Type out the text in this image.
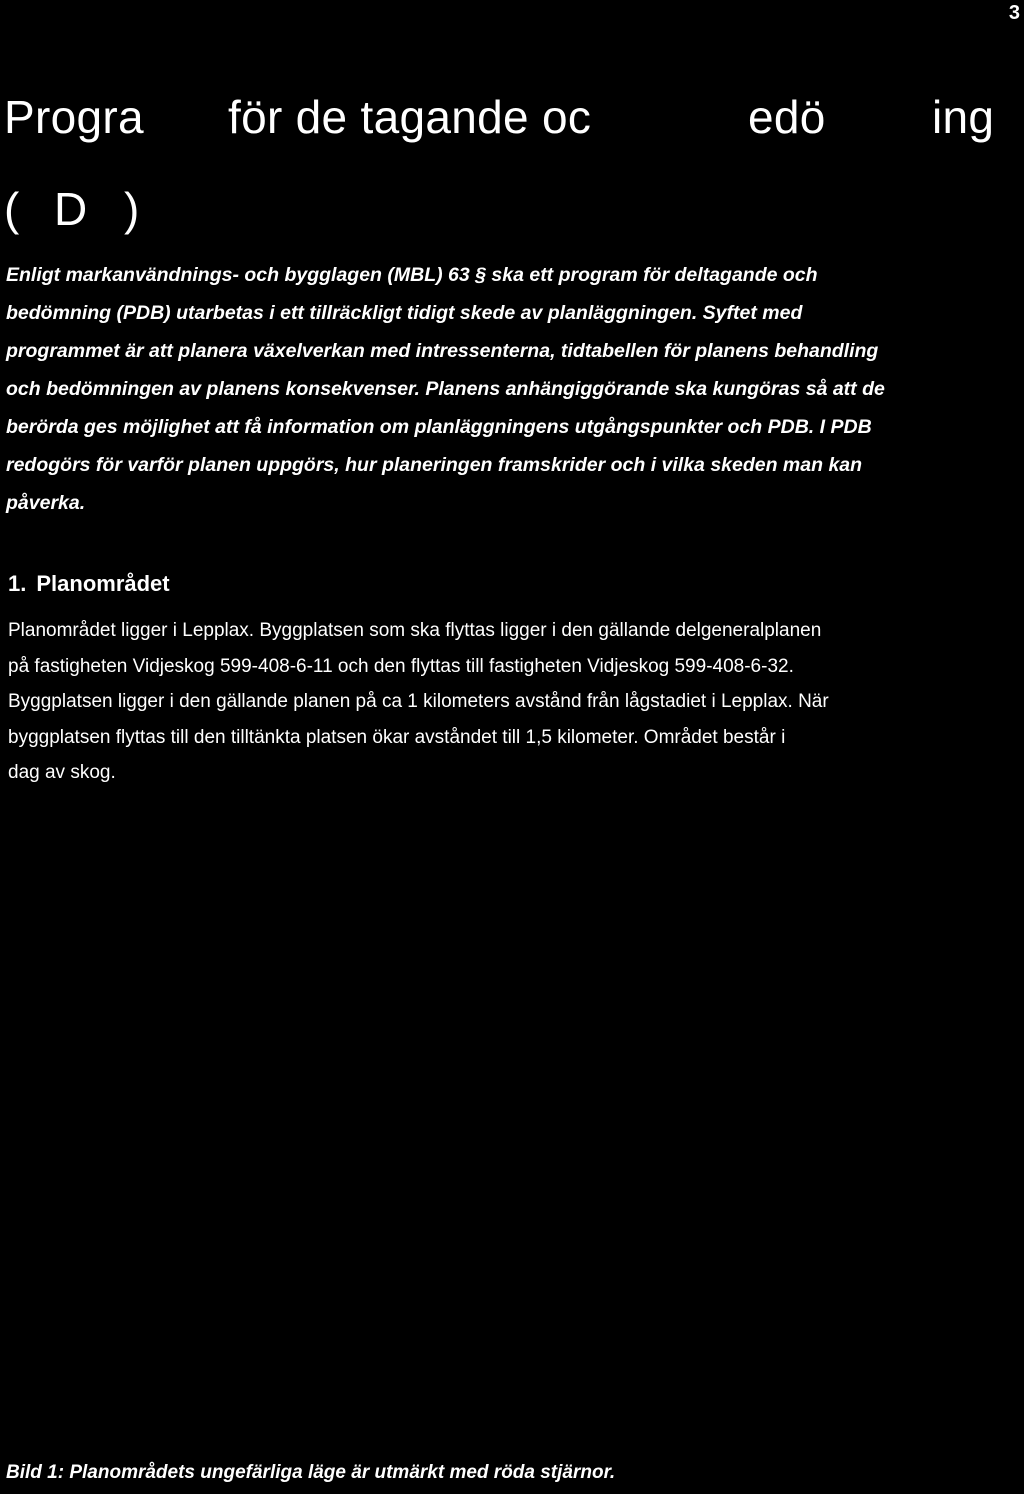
3
Progra för de tagande oc	edö ing
( D )
Enligt markanvändnings- och bygglagen (MBL) 63 § ska ett program för deltagande och
bedömning (PDB) utarbetas i ett tillräckligt tidigt skede av planläggningen. Syftet med
programmet är att planera växelverkan med intressenterna, tidtabellen för planens behandling
och bedömningen av planens konsekvenser. Planens anhängiggörande ska kungöras så att de
berörda ges möjlighet att få information om planläggningens utgångspunkter och PDB. I PDB
redogörs för varför planen uppgörs, hur planeringen framskrider och i vilka skeden man kan
påverka.
1. Planområdet
Planområdet ligger i Lepplax. Byggplatsen som ska flyttas ligger i den gällande delgeneralplanen
på fastigheten Vidjeskog 599-408-6-11 och den flyttas till fastigheten Vidjeskog 599-408-6-32.
Byggplatsen ligger i den gällande planen på ca 1 kilometers avstånd från lågstadiet i Lepplax. När
byggplatsen flyttas till den tilltänkta platsen ökar avståndet till 1,5 kilometer. Området består i
dag av skog.
Bild 1: Planområdets ungefärliga läge är utmärkt med röda stjärnor.
